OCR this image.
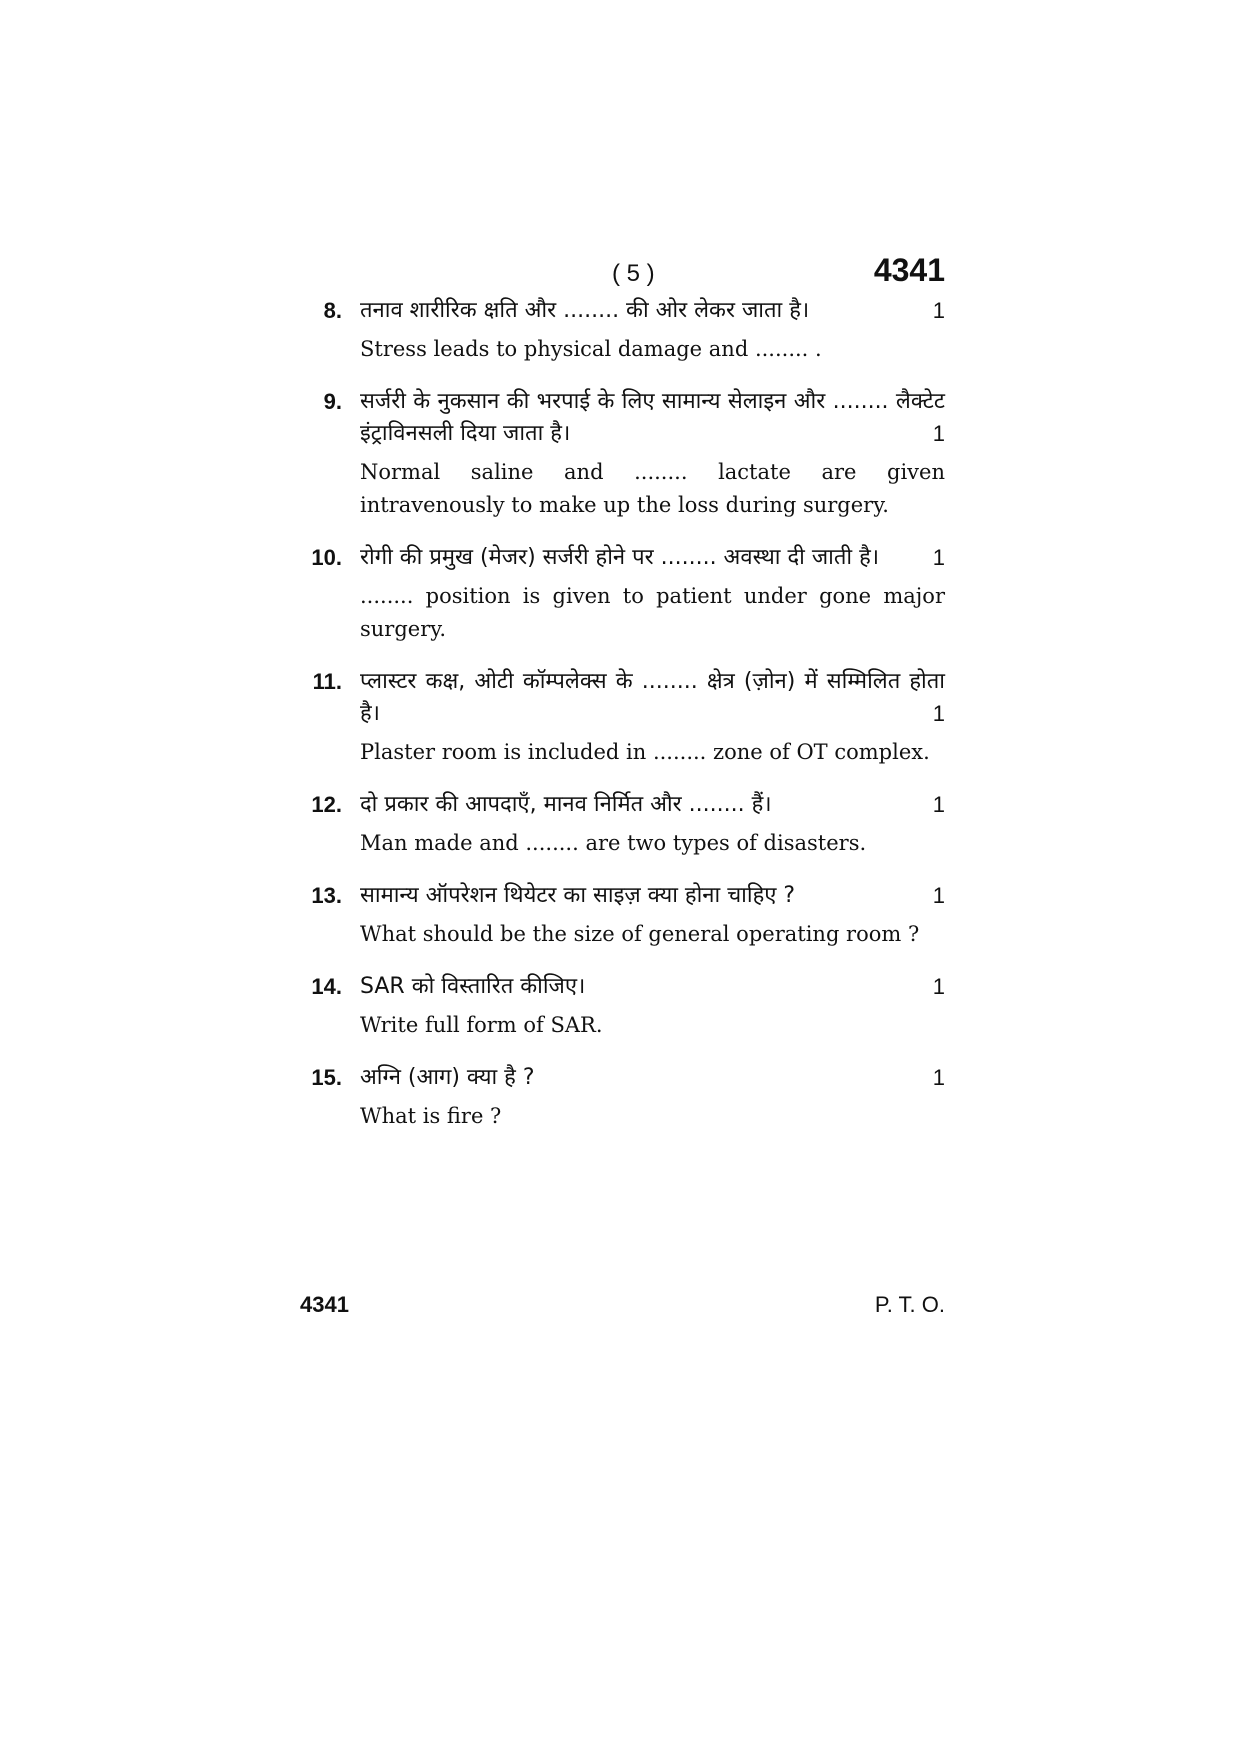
( 5 )	4341
8. तनाव शारीरिक क्षति और ........ की ओर लेकर जाता है।	1
Stress leads to physical damage and ........ .
9. सर्जरी के नुकसान की भरपाई के लिए सामान्य सेलाइन और ........ लैक्टेट इंट्राविनसली दिया जाता है।	1
Normal saline and ........ lactate are given intravenously to make up the loss during surgery.
10. रोगी की प्रमुख (मेजर) सर्जरी होने पर ........ अवस्था दी जाती है। 1
........ position is given to patient under gone major surgery.
11. प्लास्टर कक्ष, ओटी कॉम्पलेक्स के ........ क्षेत्र (ज़ोन) में सम्मिलित होता है।	1
Plaster room is included in ........ zone of OT complex.
12. दो प्रकार की आपदाएँ, मानव निर्मित और ........ हैं।	1
Man made and ........ are two types of disasters.
13. सामान्य ऑपरेशन थियेटर का साइज़ क्या होना चाहिए ?	1
What should be the size of general operating room ?
14. SAR को विस्तारित कीजिए।	1
Write full form of SAR.
15. अग्नि (आग) क्या है ?	1
What is fire ?
4341	P. T. O.
